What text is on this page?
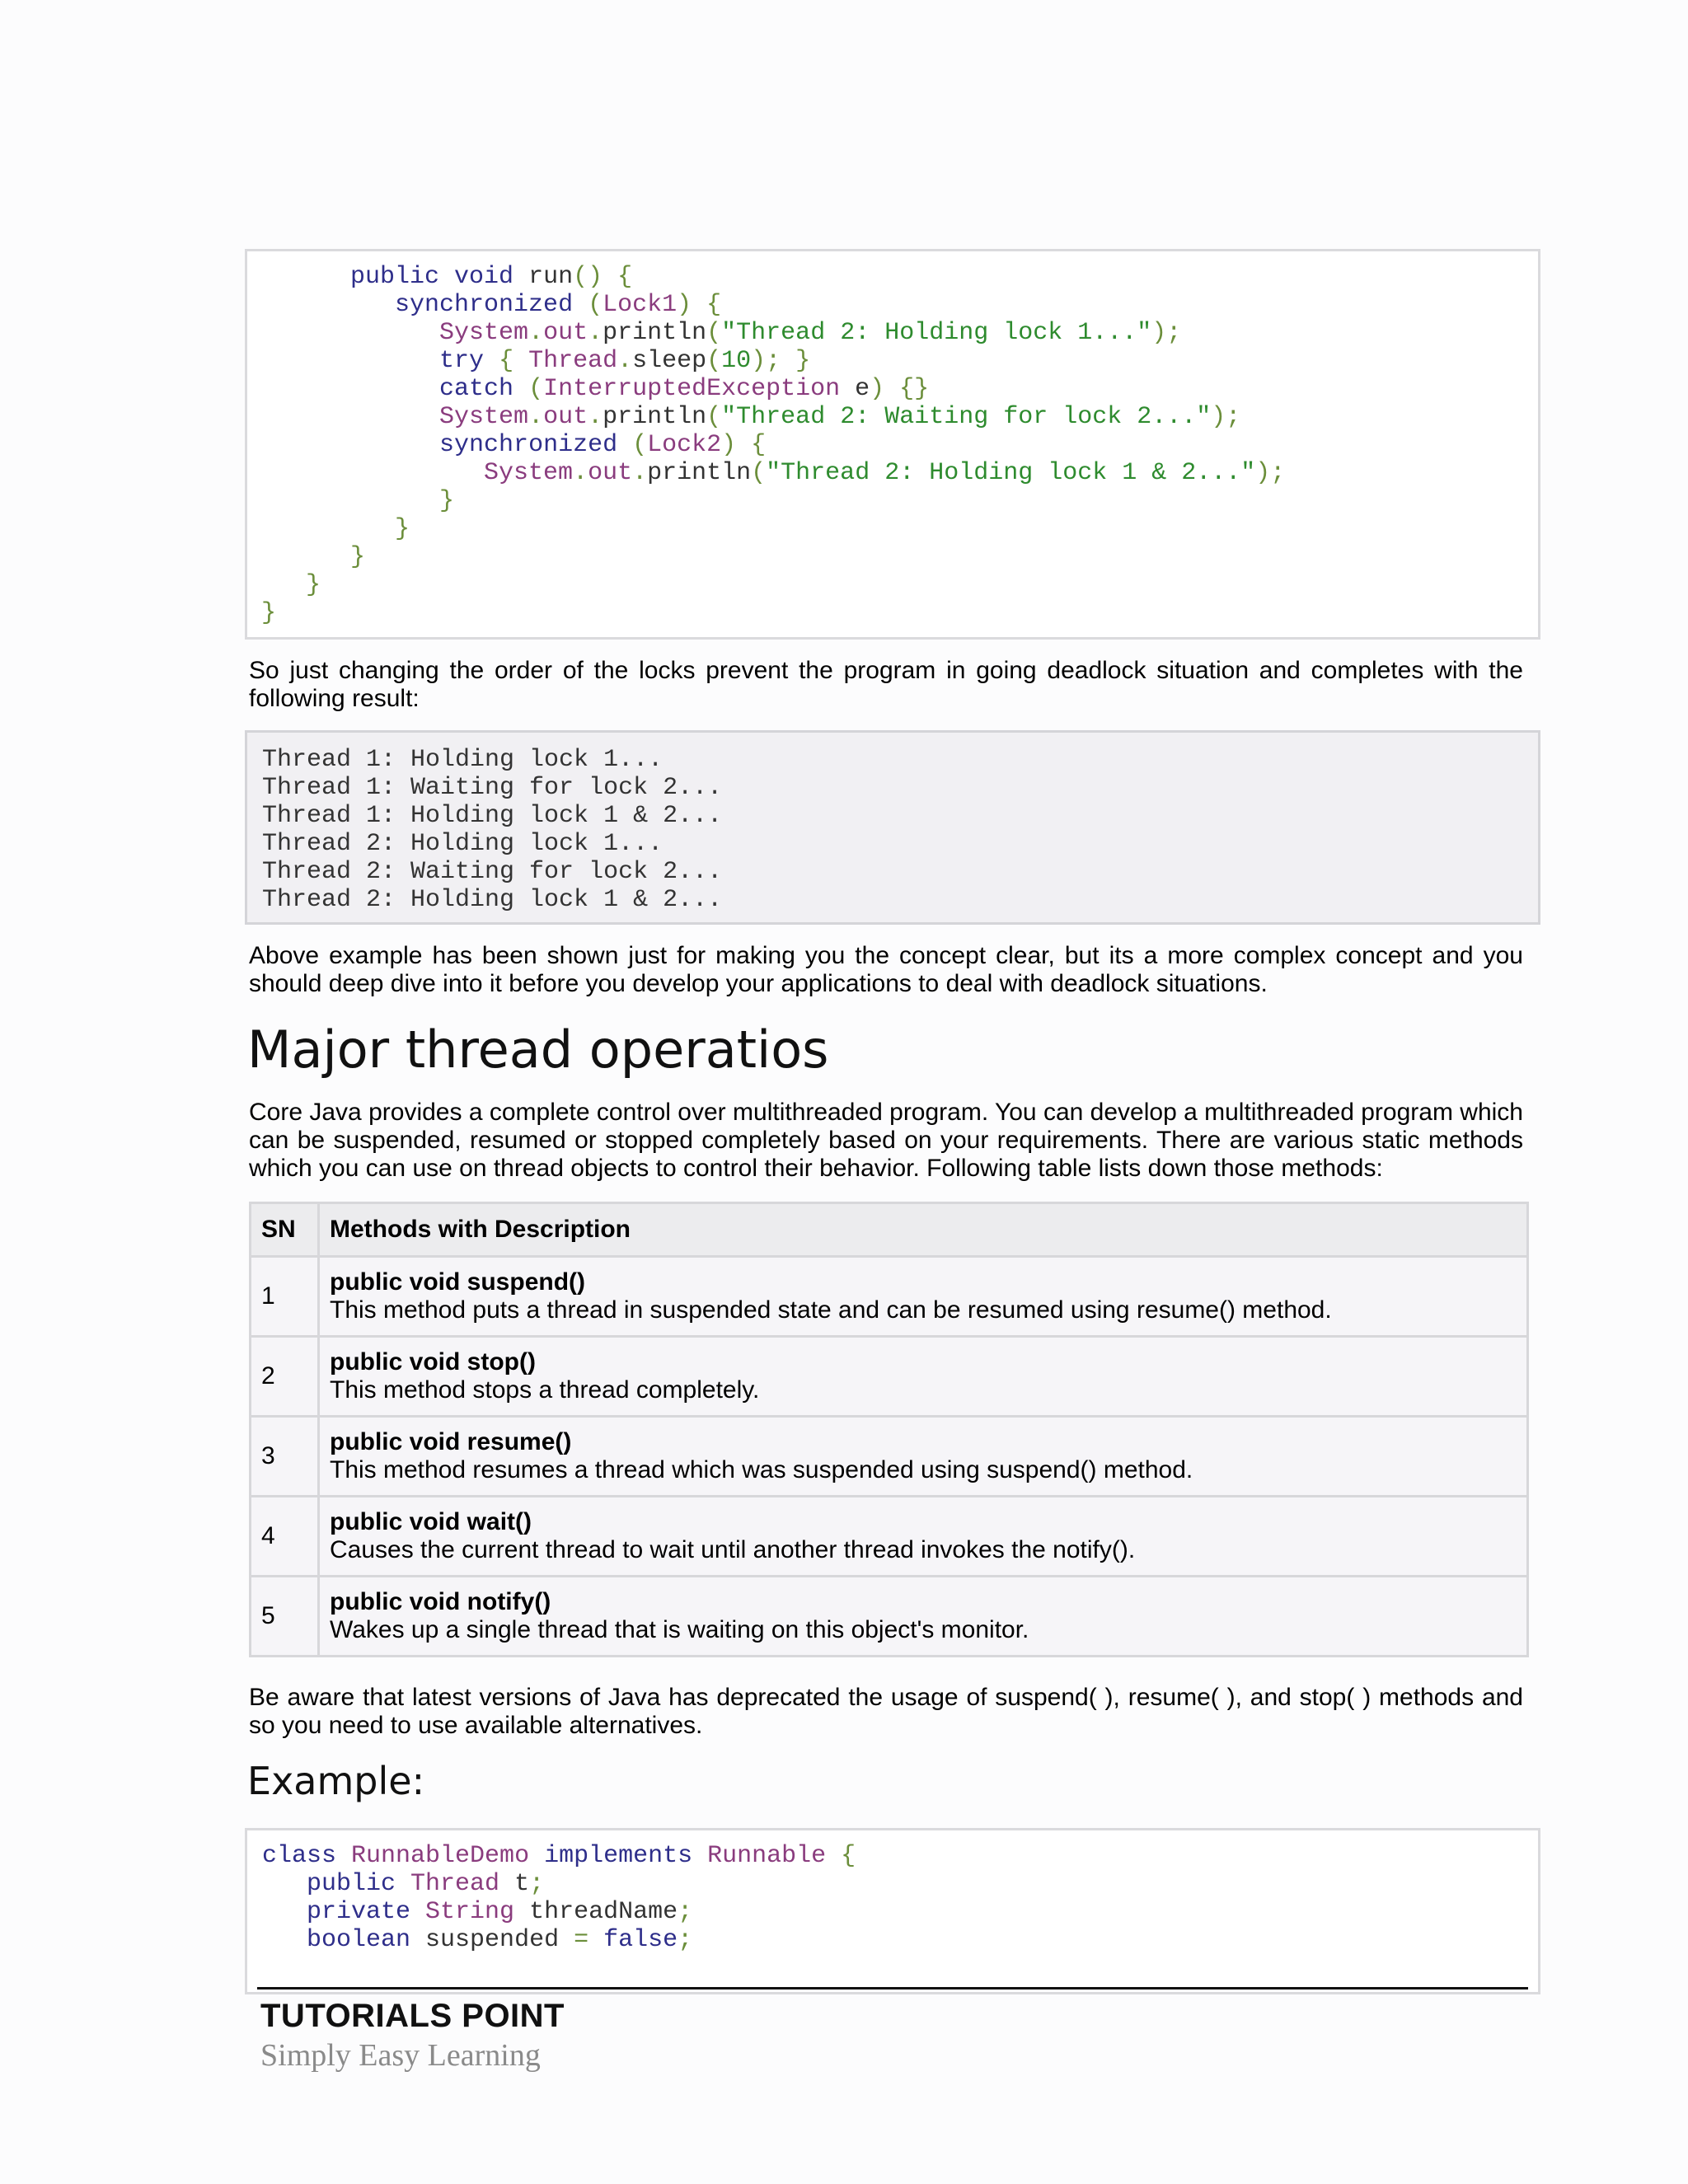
public void run() {
synchronized (Lock1) {
System.out.println("Thread 2: Holding lock 1...");
try { Thread.sleep(10); }
catch (InterruptedException e) {}
System.out.println("Thread 2: Waiting for lock 2...");
synchronized (Lock2) {
System.out.println("Thread 2: Holding lock 1 & 2...");
}
}
}
}
}

So just changing the order of the locks prevent the program in going deadlock situation and completes with the following result:

Thread 1: Holding lock 1...
Thread 1: Waiting for lock 2...
Thread 1: Holding lock 1 & 2...
Thread 2: Holding lock 1...
Thread 2: Waiting for lock 2...
Thread 2: Holding lock 1 & 2...

Above example has been shown just for making you the concept clear, but its a more complex concept and you should deep dive into it before you develop your applications to deal with deadlock situations.

Major thread operatios

Core Java provides a complete control over multithreaded program. You can develop a multithreaded program which can be suspended, resumed or stopped completely based on your requirements. There are various static methods which you can use on thread objects to control their behavior. Following table lists down those methods:

SN	Methods with Description
1	public void suspend()
This method puts a thread in suspended state and can be resumed using resume() method.

2	public void stop()
This method stops a thread completely.

3	public void resume()
This method resumes a thread which was suspended using suspend() method.

4	public void wait()
Causes the current thread to wait until another thread invokes the notify().

5	public void notify()
Wakes up a single thread that is waiting on this object's monitor.

Be aware that latest versions of Java has deprecated the usage of suspend( ), resume( ), and stop( ) methods and so you need to use available alternatives.

Example:
class RunnableDemo implements Runnable {
public Thread t;
private String threadName;
boolean suspended = false;
TUTORIALS POINT
Simply Easy Learning
